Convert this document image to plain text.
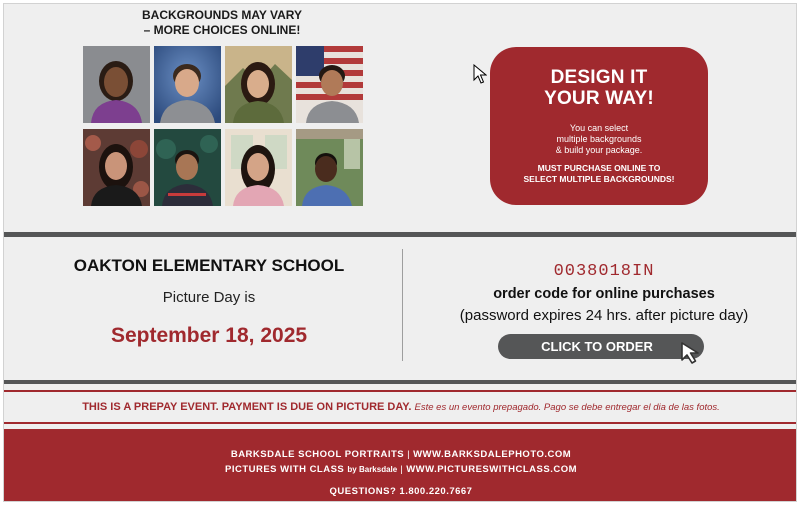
BACKGROUNDS MAY VARY
– MORE CHOICES ONLINE!
DESIGN IT
YOUR WAY!
You can select
multiple backgrounds
& build your package.
MUST PURCHASE ONLINE TO
SELECT MULTIPLE BACKGROUNDS!
OAKTON ELEMENTARY SCHOOL
Picture Day is
September 18, 2025
0038018IN
order code for online purchases
(password expires 24 hrs. after picture day)
CLICK TO ORDER
THIS IS A PREPAY EVENT. PAYMENT IS DUE ON PICTURE DAY. Este es un evento prepagado. Pago se debe entregar el dia de las fotos.
BARKSDALE SCHOOL PORTRAITS | WWW.BARKSDALEPHOTO.COM
PICTURES WITH CLASS by Barksdale | WWW.PICTURESWITHCLASS.COM
QUESTIONS? 1.800.220.7667
